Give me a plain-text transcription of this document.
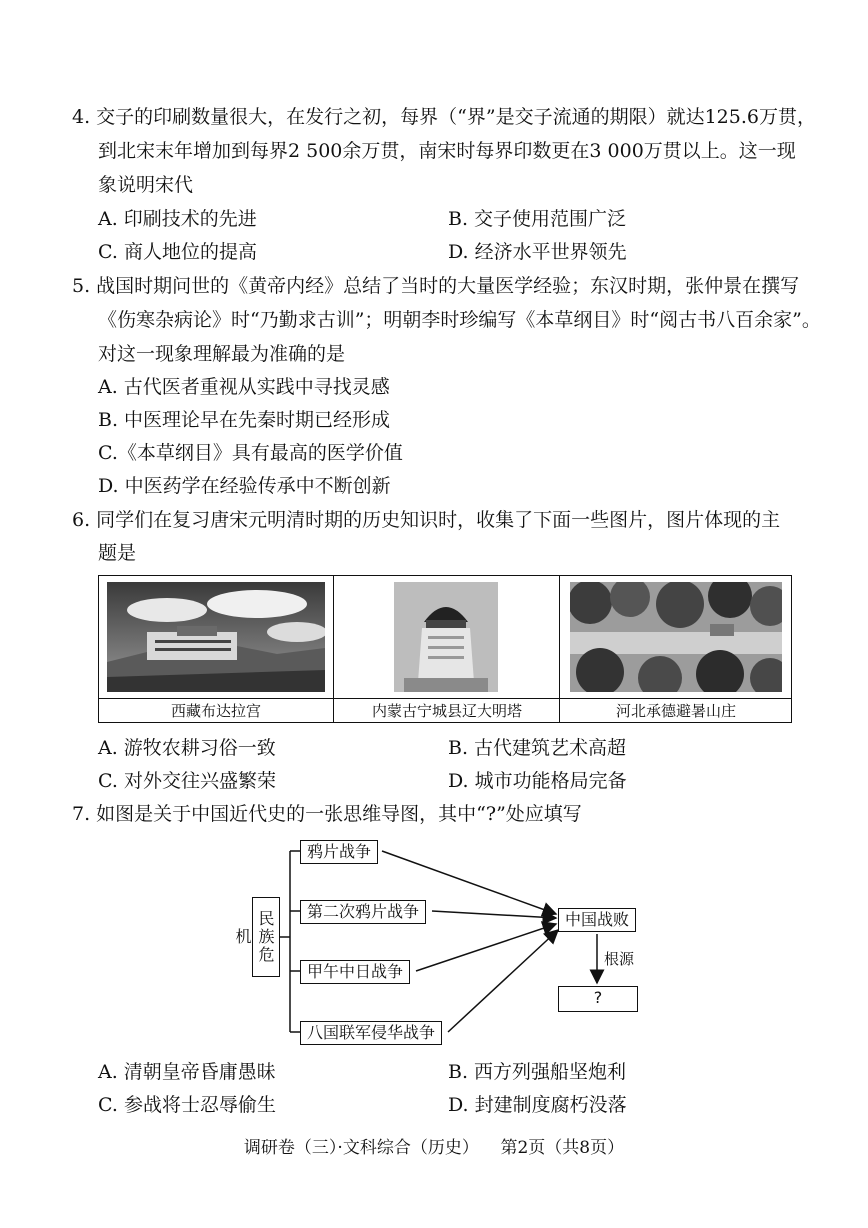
4. 交子的印刷数量很大，在发行之初，每界（“界”是交子流通的期限）就达125.6万贯，
到北宋末年增加到每界2 500余万贯，南宋时每界印数更在3 000万贯以上。这一现
象说明宋代
A. 印刷技术的先进	B. 交子使用范围广泛
C. 商人地位的提高	D. 经济水平世界领先
5. 战国时期问世的《黄帝内经》总结了当时的大量医学经验；东汉时期，张仲景在撰写
《伤寒杂病论》时“乃勤求古训”；明朝李时珍编写《本草纲目》时“阅古书八百余家”。
对这一现象理解最为准确的是
A. 古代医者重视从实践中寻找灵感
B. 中医理论早在先秦时期已经形成
C.《本草纲目》具有最高的医学价值
D. 中医药学在经验传承中不断创新
6. 同学们在复习唐宋元明清时期的历史知识时，收集了下面一些图片，图片体现的主
题是
西藏布达拉宫	内蒙古宁城县辽大明塔	河北承德避暑山庄
A. 游牧农耕习俗一致	B. 古代建筑艺术高超
C. 对外交往兴盛繁荣	D. 城市功能格局完备
7. 如图是关于中国近代史的一张思维导图，其中“?”处应填写
民族危机
鸦片战争
第二次鸦片战争
甲午中日战争
八国联军侵华战争
中国战败
根源
?
A. 清朝皇帝昏庸愚昧	B. 西方列强船坚炮利
C. 参战将士忍辱偷生	D. 封建制度腐朽没落
调研卷（三）·文科综合（历史）    第2页（共8页）
